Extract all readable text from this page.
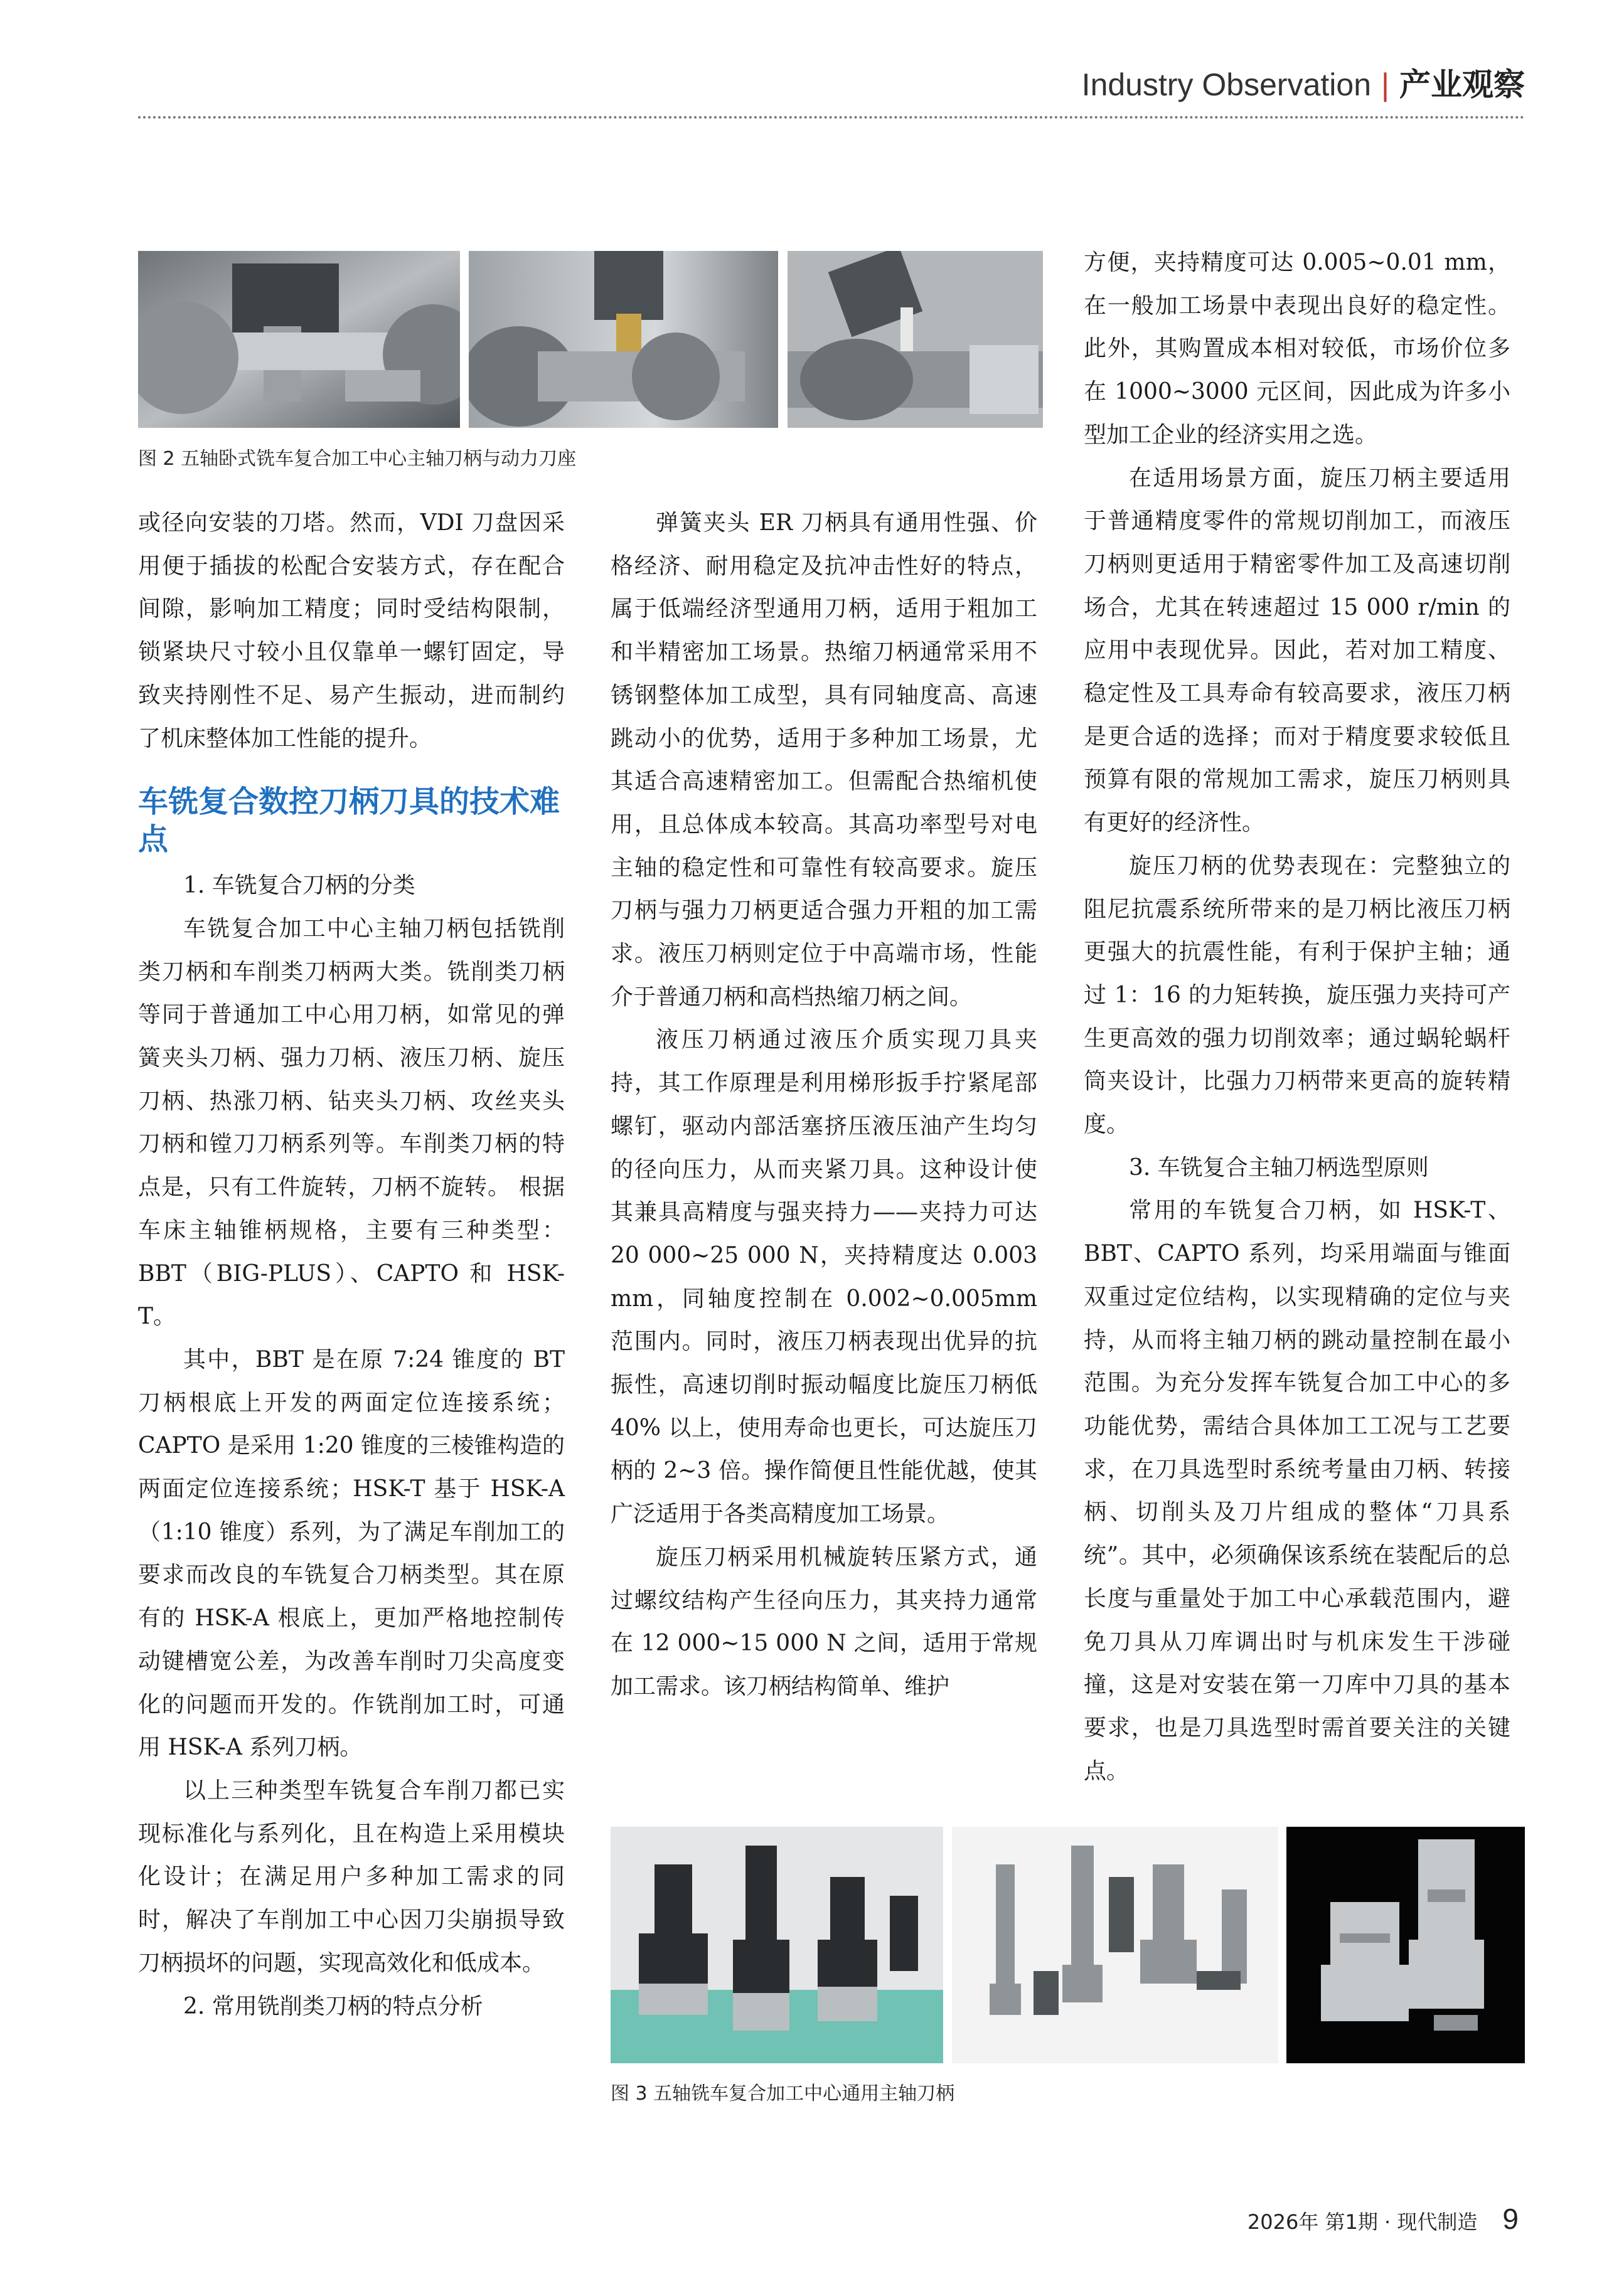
Industry Observation | 产业观察
图 2 五轴卧式铣车复合加工中心主轴刀柄与动力刀座

或径向安装的刀塔。然而，VDI 刀盘因采用便于插拔的松配合安装方式，存在配合间隙，影响加工精度；同时受结构限制，锁紧块尺寸较小且仅靠单一螺钉固定，导致夹持刚性不足、易产生振动，进而制约了机床整体加工性能的提升。

车铣复合数控刀柄刀具的技术难点

1. 车铣复合刀柄的分类

车铣复合加工中心主轴刀柄包括铣削类刀柄和车削类刀柄两大类。铣削类刀柄等同于普通加工中心用刀柄，如常见的弹簧夹头刀柄、强力刀柄、液压刀柄、旋压刀柄、热涨刀柄、钻夹头刀柄、攻丝夹头刀柄和镗刀刀柄系列等。车削类刀柄的特点是，只有工件旋转，刀柄不旋转。 根据车床主轴锥柄规格，主要有三种类型：BBT（BIG-PLUS）、CAPTO 和 HSK-T。

其中，BBT 是在原 7:24 锥度的 BT 刀柄根底上开发的两面定位连接系统；CAPTO 是采用 1:20 锥度的三棱锥构造的两面定位连接系统；HSK-T 基于 HSK-A（1:10 锥度）系列，为了满足车削加工的要求而改良的车铣复合刀柄类型。其在原有的 HSK-A 根底上，更加严格地控制传动键槽宽公差，为改善车削时刀尖高度变化的问题而开发的。作铣削加工时，可通用 HSK-A 系列刀柄。

以上三种类型车铣复合车削刀都已实现标准化与系列化，且在构造上采用模块化设计；在满足用户多种加工需求的同时，解决了车削加工中心因刀尖崩损导致刀柄损坏的问题，实现高效化和低成本。

2. 常用铣削类刀柄的特点分析

弹簧夹头 ER 刀柄具有通用性强、价格经济、耐用稳定及抗冲击性好的特点，属于低端经济型通用刀柄，适用于粗加工和半精密加工场景。热缩刀柄通常采用不锈钢整体加工成型，具有同轴度高、高速跳动小的优势，适用于多种加工场景，尤其适合高速精密加工。但需配合热缩机使用，且总体成本较高。其高功率型号对电主轴的稳定性和可靠性有较高要求。旋压刀柄与强力刀柄更适合强力开粗的加工需求。液压刀柄则定位于中高端市场，性能介于普通刀柄和高档热缩刀柄之间。

液压刀柄通过液压介质实现刀具夹持，其工作原理是利用梯形扳手拧紧尾部螺钉，驱动内部活塞挤压液压油产生均匀的径向压力，从而夹紧刀具。这种设计使其兼具高精度与强夹持力——夹持力可达 20 000~25 000 N，夹持精度达 0.003 mm，同轴度控制在 0.002~0.005mm 范围内。同时，液压刀柄表现出优异的抗振性，高速切削时振动幅度比旋压刀柄低 40% 以上，使用寿命也更长，可达旋压刀柄的 2~3 倍。操作简便且性能优越，使其广泛适用于各类高精度加工场景。

旋压刀柄采用机械旋转压紧方式，通过螺纹结构产生径向压力，其夹持力通常在 12 000~15 000 N 之间，适用于常规加工需求。该刀柄结构简单、维护

方便，夹持精度可达 0.005~0.01 mm，在一般加工场景中表现出良好的稳定性。此外，其购置成本相对较低，市场价位多在 1000~3000 元区间，因此成为许多小型加工企业的经济实用之选。

在适用场景方面，旋压刀柄主要适用于普通精度零件的常规切削加工，而液压刀柄则更适用于精密零件加工及高速切削场合，尤其在转速超过 15 000 r/min 的应用中表现优异。因此，若对加工精度、稳定性及工具寿命有较高要求，液压刀柄是更合适的选择；而对于精度要求较低且预算有限的常规加工需求，旋压刀柄则具有更好的经济性。

旋压刀柄的优势表现在：完整独立的阻尼抗震系统所带来的是刀柄比液压刀柄更强大的抗震性能，有利于保护主轴；通过 1：16 的力矩转换，旋压强力夹持可产生更高效的强力切削效率；通过蜗轮蜗杆筒夹设计，比强力刀柄带来更高的旋转精度。

3. 车铣复合主轴刀柄选型原则

常用的车铣复合刀柄，如 HSK-T、BBT、CAPTO 系列，均采用端面与锥面双重过定位结构，以实现精确的定位与夹持，从而将主轴刀柄的跳动量控制在最小范围。为充分发挥车铣复合加工中心的多功能优势，需结合具体加工工况与工艺要求，在刀具选型时系统考量由刀柄、转接柄、切削头及刀片组成的整体“刀具系统”。其中，必须确保该系统在装配后的总长度与重量处于加工中心承载范围内，避免刀具从刀库调出时与机床发生干涉碰撞，这是对安装在第一刀库中刀具的基本要求，也是刀具选型时需首要关注的关键点。

图 3 五轴铣车复合加工中心通用主轴刀柄
2026年 第1期 · 现代制造 9
